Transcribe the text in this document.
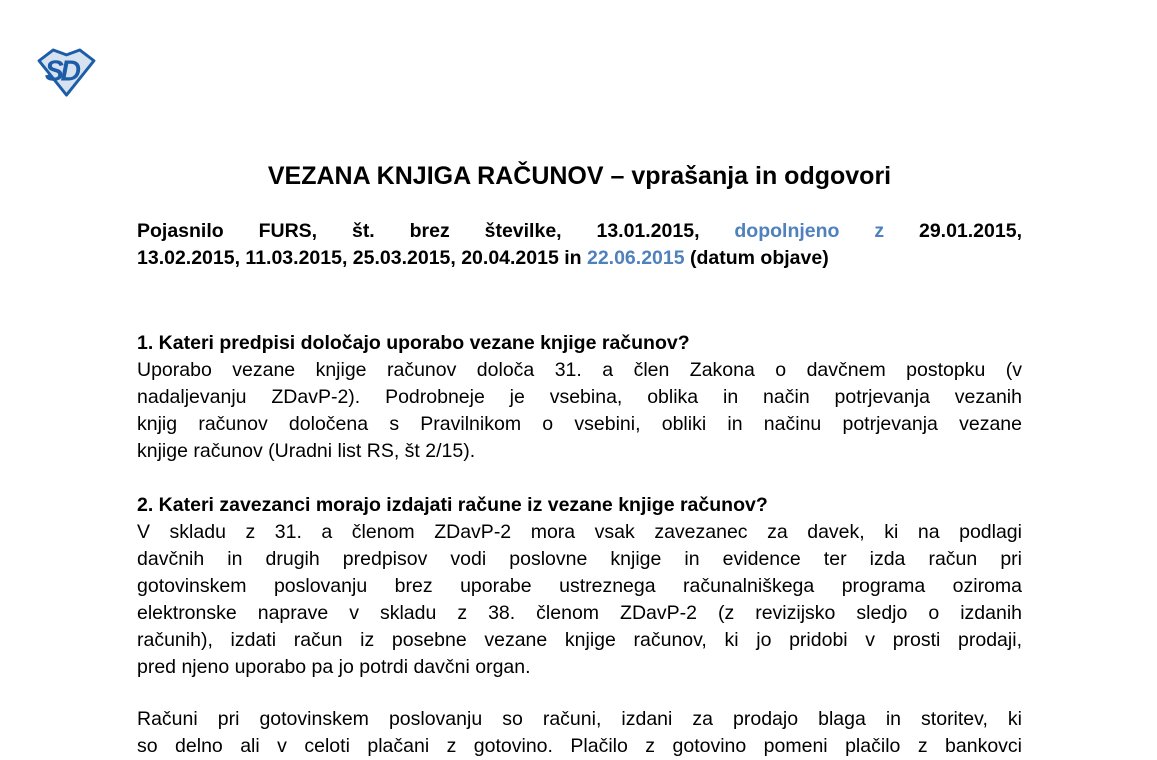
SD
VEZANA KNJIGA RAČUNOV – vprašanja in odgovori
Pojasnilo FURS, št. brez številke, 13.01.2015, dopolnjeno z 29.01.2015,
13.02.2015, 11.03.2015, 25.03.2015, 20.04.2015 in 22.06.2015 (datum objave)
1. Kateri predpisi določajo uporabo vezane knjige računov?
Uporabo vezane knjige računov določa 31. a člen Zakona o davčnem postopku (v
nadaljevanju ZDavP-2). Podrobneje je vsebina, oblika in način potrjevanja vezanih
knjig računov določena s Pravilnikom o vsebini, obliki in načinu potrjevanja vezane
knjige računov (Uradni list RS, št 2/15).
2. Kateri zavezanci morajo izdajati račune iz vezane knjige računov?
V skladu z 31. a členom ZDavP-2 mora vsak zavezanec za davek, ki na podlagi
davčnih in drugih predpisov vodi poslovne knjige in evidence ter izda račun pri
gotovinskem poslovanju brez uporabe ustreznega računalniškega programa oziroma
elektronske naprave v skladu z 38. členom ZDavP-2 (z revizijsko sledjo o izdanih
računih), izdati račun iz posebne vezane knjige računov, ki jo pridobi v prosti prodaji,
pred njeno uporabo pa jo potrdi davčni organ.
Računi pri gotovinskem poslovanju so računi, izdani za prodajo blaga in storitev, ki
so delno ali v celoti plačani z gotovino. Plačilo z gotovino pomeni plačilo z bankovci
